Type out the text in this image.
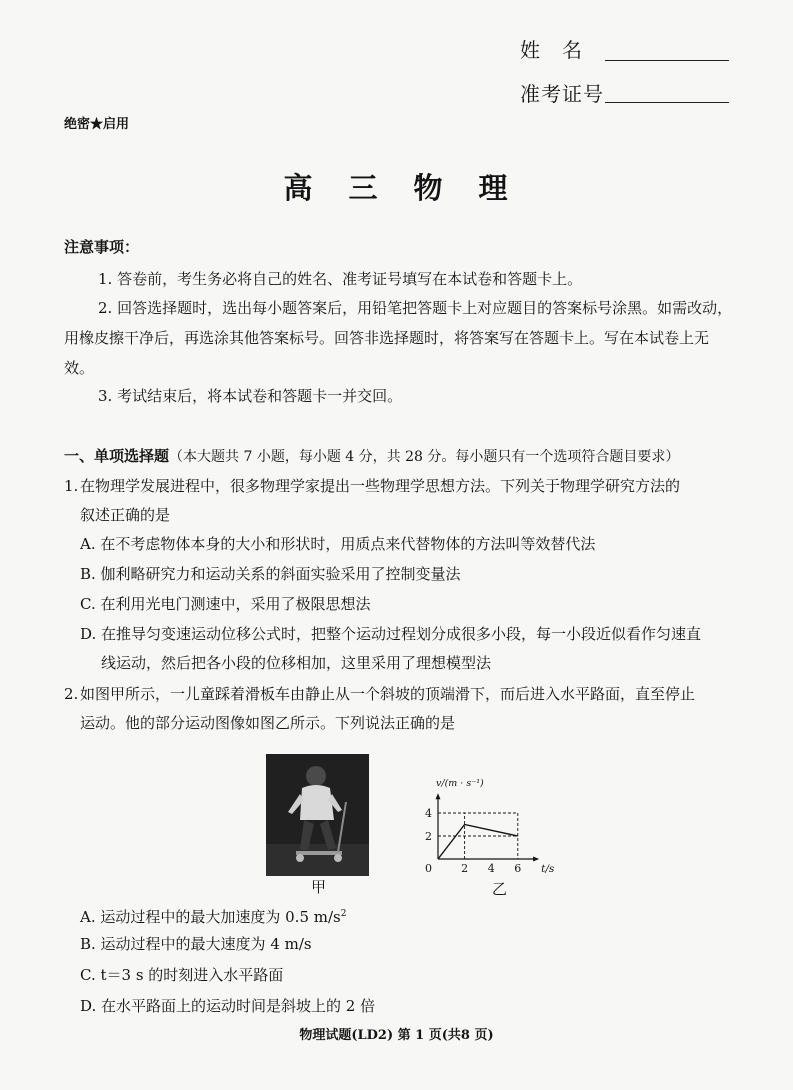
姓　名
准考证号
绝密★启用
高 三 物 理
注意事项：
1. 答卷前，考生务必将自己的姓名、准考证号填写在本试卷和答题卡上。
2. 回答选择题时，选出每小题答案后，用铅笔把答题卡上对应题目的答案标号涂黑。如需改动，用橡皮擦干净后，再选涂其他答案标号。回答非选择题时，将答案写在答题卡上。写在本试卷上无效。
3. 考试结束后，将本试卷和答题卡一并交回。
一、单项选择题（本大题共 7 小题，每小题 4 分，共 28 分。每小题只有一个选项符合题目要求）
1. 在物理学发展进程中，很多物理学家提出一些物理学思想方法。下列关于物理学研究方法的
叙述正确的是
A. 在不考虑物体本身的大小和形状时，用质点来代替物体的方法叫等效替代法
B. 伽利略研究力和运动关系的斜面实验采用了控制变量法
C. 在利用光电门测速中，采用了极限思想法
D. 在推导匀变速运动位移公式时，把整个运动过程划分成很多小段，每一小段近似看作匀速直
线运动，然后把各小段的位移相加，这里采用了理想模型法
2. 如图甲所示，一儿童踩着滑板车由静止从一个斜坡的顶端滑下，而后进入水平路面，直至停止
运动。他的部分运动图像如图乙所示。下列说法正确的是
甲
2 4 6
2
4
0
v/(m · s⁻¹)
t/s
乙
A. 运动过程中的最大加速度为 0.5 $m/s^2$
B. 运动过程中的最大速度为 4 m/s
C. t＝3 s 的时刻进入水平路面
D. 在水平路面上的运动时间是斜坡上的 2 倍
物理试题(LD2) 第 1 页(共8 页)
